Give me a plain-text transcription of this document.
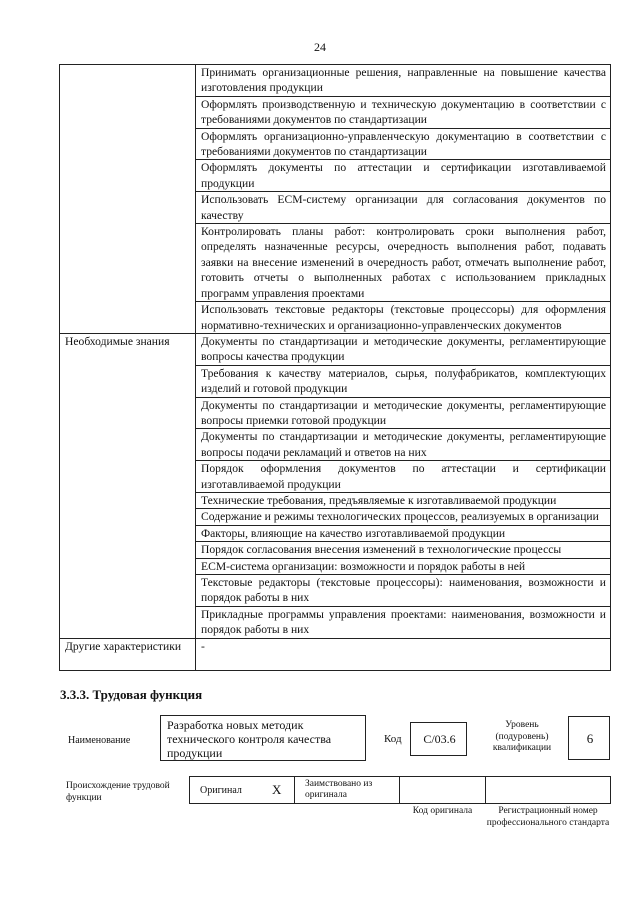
24
	Принимать организационные решения, направленные на повышение качества изготовления продукции
	Оформлять производственную и техническую документацию в соответствии с требованиями документов по стандартизации
	Оформлять организационно-управленческую документацию в соответствии с требованиями документов по стандартизации
	Оформлять документы по аттестации и сертификации изготавливаемой продукции
	Использовать ECM-систему организации для согласования документов по качеству
	Контролировать планы работ: контролировать сроки выполнения работ, определять назначенные ресурсы, очередность выполнения работ, подавать заявки на внесение изменений в очередность работ, отмечать выполнение работ, готовить отчеты о выполненных работах с использованием прикладных программ управления проектами
	Использовать текстовые редакторы (текстовые процессоры) для оформления нормативно-технических и организационно-управленческих документов
Необходимые знания	Документы по стандартизации и методические документы, регламентирующие вопросы качества продукции
	Требования к качеству материалов, сырья, полуфабрикатов, комплектующих изделий и готовой продукции
	Документы по стандартизации и методические документы, регламентирующие вопросы приемки готовой продукции
	Документы по стандартизации и методические документы, регламентирующие вопросы подачи рекламаций и ответов на них
	Порядок оформления документов по аттестации и сертификации изготавливаемой продукции
	Технические требования, предъявляемые к изготавливаемой продукции
	Содержание и режимы технологических процессов, реализуемых в организации
	Факторы, влияющие на качество изготавливаемой продукции
	Порядок согласования внесения изменений в технологические процессы
	ECM-система организации: возможности и порядок работы в ней
	Текстовые редакторы (текстовые процессоры): наименования, возможности и порядок работы в них
	Прикладные программы управления проектами: наименования, возможности и порядок работы в них
Другие характеристики	-
3.3.3. Трудовая функция
Наименование
Разработка новых методик технического контроля качества продукции
Код	C/03.6
Уровень (подуровень) квалификации
6
Происхождение трудовой функции
Оригинал X Заимствовано из оригинала
Код оригинала	Регистрационный номер профессионального стандарта
